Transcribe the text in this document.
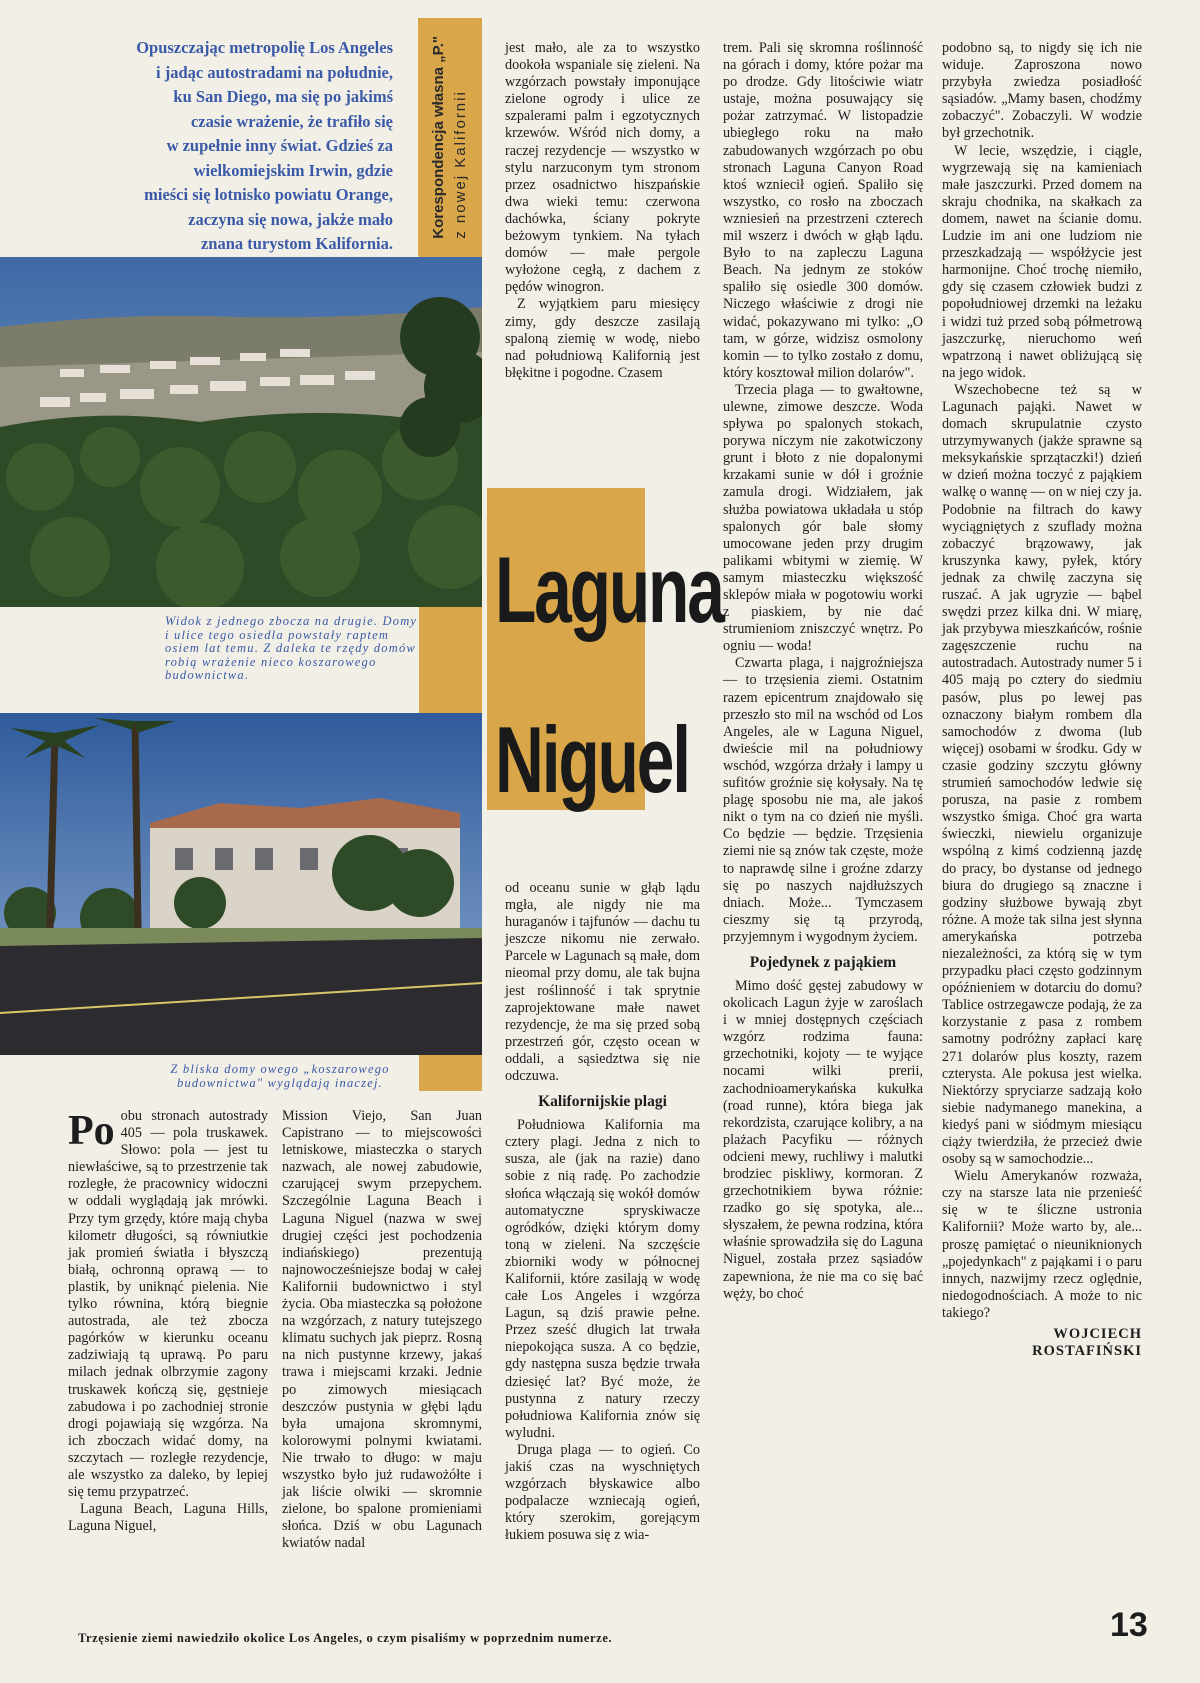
Opuszczając metropolię Los Angeles
i jadąc autostradami na południe,
ku San Diego, ma się po jakimś
czasie wrażenie, że trafiło się
w zupełnie inny świat. Gdzieś za
wielkomiejskim Irwin, gdzie
mieści się lotnisko powiatu Orange,
zaczyna się nowa, jakże mało
znana turystom Kalifornia.
Korespondencja własna „P." z nowej Kalifornii
Widok z jednego zbocza na drugie. Domy i ulice tego osiedla powstały raptem osiem lat temu. Z daleka te rzędy domów robią wrażenie nieco koszarowego budownictwa.
Z bliska domy owego „koszarowego budownictwa" wyglądają inaczej.
Laguna
Niguel
Po obu stronach autostrady 405 — pola truskawek. Słowo: pola — jest tu niewłaściwe, są to przestrzenie tak rozległe, że pracownicy widoczni w oddali wyglądają jak mrówki. Przy tym grzędy, które mają chyba kilometr długości, są równiutkie jak promień światła i błyszczą białą, ochronną oprawą — to plastik, by uniknąć pielenia. Nie tylko równina, którą biegnie autostrada, ale też zbocza pagórków w kierunku oceanu zadziwiają tą uprawą. Po paru milach jednak olbrzymie zagony truskawek kończą się, gęstnieje zabudowa i po zachodniej stronie drogi pojawiają się wzgórza. Na ich zboczach widać domy, na szczytach — rozległe rezydencje, ale wszystko za daleko, by lepiej się temu przypatrzeć.

Laguna Beach, Laguna Hills, Laguna Niguel,

Mission Viejo, San Juan Capistrano — to miejscowości letniskowe, miasteczka o starych nazwach, ale nowej zabudowie, czarującej swym przepychem. Szczególnie Laguna Beach i Laguna Niguel (nazwa w swej drugiej części jest pochodzenia indiańskiego) prezentują najnowocześniejsze bodaj w całej Kalifornii budownictwo i styl życia. Oba miasteczka są położone na wzgórzach, z natury tutejszego klimatu suchych jak pieprz. Rosną na nich pustynne krzewy, jakaś trawa i miejscami krzaki. Jednie po zimowych miesiącach deszczów pustynia w głębi lądu była umajona skromnymi, kolorowymi polnymi kwiatami. Nie trwało to długo: w maju wszystko było już rudawożółte i jak liście olwiki — skromnie zielone, bo spalone promieniami słońca. Dziś w obu Lagunach kwiatów nadal

jest mało, ale za to wszystko dookoła wspaniale się zieleni. Na wzgórzach powstały imponujące zielone ogrody i ulice ze szpalerami palm i egzotycznych krzewów. Wśród nich domy, a raczej rezydencje — wszystko w stylu narzuconym tym stronom przez osadnictwo hiszpańskie dwa wieki temu: czerwona dachówka, ściany pokryte beżowym tynkiem. Na tyłach domów — małe pergole wyłożone cegłą, z dachem z pędów winogron.

Z wyjątkiem paru miesięcy zimy, gdy deszcze zasilają spaloną ziemię w wodę, niebo nad południową Kalifornią jest błękitne i pogodne. Czasem

od oceanu sunie w głąb lądu mgła, ale nigdy nie ma huraganów i tajfunów — dachu tu jeszcze nikomu nie zerwało. Parcele w Lagunach są małe, dom nieomal przy domu, ale tak bujna jest roślinność i tak sprytnie zaprojektowane małe nawet rezydencje, że ma się przed sobą przestrzeń gór, często ocean w oddali, a sąsiedztwa się nie odczuwa.

Kalifornijskie plagi

Południowa Kalifornia ma cztery plagi. Jedna z nich to susza, ale (jak na razie) dano sobie z nią radę. Po zachodzie słońca włączają się wokół domów automatyczne spryskiwacze ogródków, dzięki którym domy toną w zieleni. Na szczęście zbiorniki wody w północnej Kalifornii, które zasilają w wodę całe Los Angeles i wzgórza Lagun, są dziś prawie pełne. Przez sześć długich lat trwała niepokojąca susza. A co będzie, gdy następna susza będzie trwała dziesięć lat? Być może, że pustynna z natury rzeczy południowa Kalifornia znów się wyludni.

Druga plaga — to ogień. Co jakiś czas na wyschniętych wzgórzach błyskawice albo podpalacze wzniecają ogień, który szerokim, gorejącym łukiem posuwa się z wia-

trem. Pali się skromna roślinność na górach i domy, które pożar ma po drodze. Gdy litościwie wiatr ustaje, można posuwający się pożar zatrzymać. W listopadzie ubiegłego roku na mało zabudowanych wzgórzach po obu stronach Laguna Canyon Road ktoś wzniecił ogień. Spaliło się wszystko, co rosło na zboczach wzniesień na przestrzeni czterech mil wszerz i dwóch w głąb lądu. Było to na zapleczu Laguna Beach. Na jednym ze stoków spaliło się osiedle 300 domów. Niczego właściwie z drogi nie widać, pokazywano mi tylko: „O tam, w górze, widzisz osmolony komin — to tylko zostało z domu, który kosztował milion dolarów".

Trzecia plaga — to gwałtowne, ulewne, zimowe deszcze. Woda spływa po spalonych stokach, porywa niczym nie zakotwiczony grunt i błoto z nie dopalonymi krzakami sunie w dół i groźnie zamula drogi. Widziałem, jak służba powiatowa układała u stóp spalonych gór bale słomy umocowane jeden przy drugim palikami wbitymi w ziemię. W samym miasteczku większość sklepów miała w pogotowiu worki z piaskiem, by nie dać strumieniom zniszczyć wnętrz. Po ogniu — woda!

Czwarta plaga, i najgroźniejsza — to trzęsienia ziemi. Ostatnim razem epicentrum znajdowało się przeszło sto mil na wschód od Los Angeles, ale w Laguna Niguel, dwieście mil na południowy wschód, wzgórza drżały i lampy u sufitów groźnie się kołysały. Na tę plagę sposobu nie ma, ale jakoś nikt o tym na co dzień nie myśli. Co będzie — będzie. Trzęsienia ziemi nie są znów tak częste, może to naprawdę silne i groźne zdarzy się po naszych najdłuższych dniach. Może... Tymczasem cieszmy się tą przyrodą, przyjemnym i wygodnym życiem.

Pojedynek z pająkiem

Mimo dość gęstej zabudowy w okolicach Lagun żyje w zaroślach i w mniej dostępnych częściach wzgórz rodzima fauna: grzechotniki, kojoty — te wyjące nocami wilki prerii, zachodnioamerykańska kukułka (road runne), która biega jak rekordzista, czarujące kolibry, a na plażach Pacyfiku — różnych odcieni mewy, ruchliwy i malutki brodziec piskliwy, kormoran. Z grzechotnikiem bywa różnie: rzadko go się spotyka, ale... słyszałem, że pewna rodzina, która właśnie sprowadziła się do Laguna Niguel, została przez sąsiadów zapewniona, że nie ma co się bać węży, bo choć

podobno są, to nigdy się ich nie widuje. Zaproszona nowo przybyła zwiedza posiadłość sąsiadów. „Mamy basen, chodźmy zobaczyć". Zobaczyli. W wodzie był grzechotnik.

W lecie, wszędzie, i ciągle, wygrzewają się na kamieniach małe jaszczurki. Przed domem na skraju chodnika, na skałkach za domem, nawet na ścianie domu. Ludzie im ani one ludziom nie przeszkadzają — współżycie jest harmonijne. Choć trochę niemiło, gdy się czasem człowiek budzi z popołudniowej drzemki na leżaku i widzi tuż przed sobą półmetrową jaszczurkę, nieruchomo weń wpatrzoną i nawet obliżującą się na jego widok.

Wszechobecne też są w Lagunach pająki. Nawet w domach skrupulatnie czysto utrzymywanych (jakże sprawne są meksykańskie sprzątaczki!) dzień w dzień można toczyć z pająkiem walkę o wannę — on w niej czy ja. Podobnie na filtrach do kawy wyciągniętych z szuflady można zobaczyć brązowawy, jak kruszynka kawy, pyłek, który jednak za chwilę zaczyna się ruszać. A jak ugryzie — bąbel swędzi przez kilka dni. W miarę, jak przybywa mieszkańców, rośnie zagęszczenie ruchu na autostradach. Autostrady numer 5 i 405 mają po cztery do siedmiu pasów, plus po lewej pas oznaczony białym rombem dla samochodów z dwoma (lub więcej) osobami w środku. Gdy w czasie godziny szczytu główny strumień samochodów ledwie się porusza, na pasie z rombem wszystko śmiga. Choć gra warta świeczki, niewielu organizuje wspólną z kimś codzienną jazdę do pracy, bo dystanse od jednego biura do drugiego są znaczne i godziny służbowe bywają zbyt różne. A może tak silna jest słynna amerykańska potrzeba niezależności, za którą się w tym przypadku płaci często godzinnym opóźnieniem w dotarciu do domu? Tablice ostrzegawcze podają, że za korzystanie z pasa z rombem samotny podróżny zapłaci karę 271 dolarów plus koszty, razem czterysta. Ale pokusa jest wielka. Niektórzy spryciarze sadzają koło siebie nadymanego manekina, a kiedyś pani w siódmym miesiącu ciąży twierdziła, że przecież dwie osoby są w samochodzie...

Wielu Amerykanów rozważa, czy na starsze lata nie przenieść się w te śliczne ustronia Kalifornii? Może warto by, ale... proszę pamiętać o nieuniknionych „pojedynkach" z pająkami i o paru innych, nazwijmy rzecz oględnie, niedogodnościach. A może to nic takiego?

WOJCIECH ROSTAFIŃSKI
Trzęsienie ziemi nawiedziło okolice Los Angeles, o czym pisaliśmy w poprzednim numerze.	13
